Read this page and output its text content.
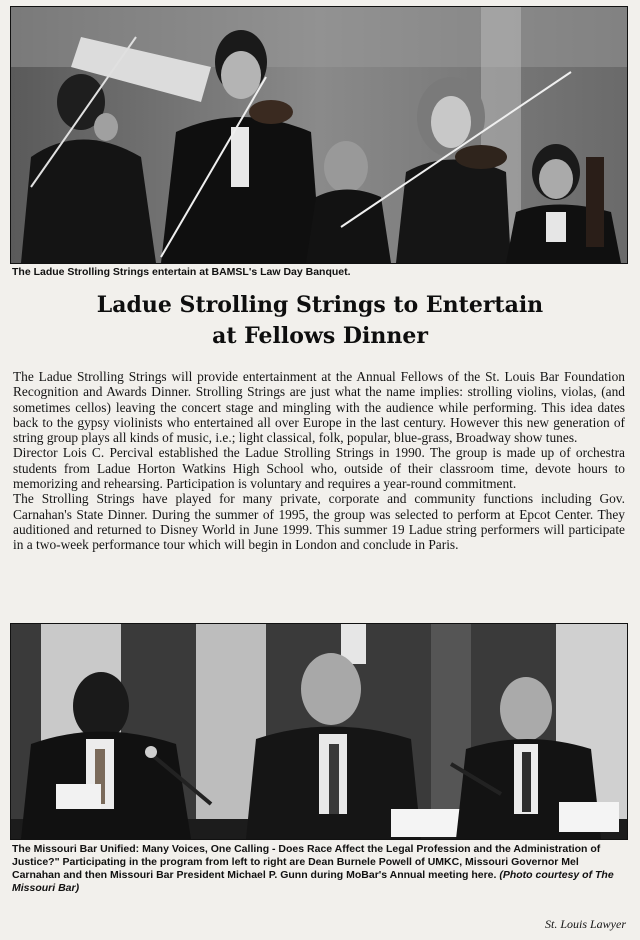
The Ladue Strolling Strings entertain at BAMSL's Law Day Banquet.
Ladue Strolling Strings to Entertain
at Fellows Dinner

The Ladue Strolling Strings will provide entertainment at the Annual Fellows of the St. Louis Bar Foundation Recognition and Awards Dinner. Strolling Strings are just what the name implies: strolling violins, violas, (and sometimes cellos) leaving the concert stage and mingling with the audience while performing. This idea dates back to the gypsy violinists who entertained all over Europe in the last century. However this new generation of string group plays all kinds of music, i.e.; light classical, folk, popular, blue-grass, Broadway show tunes.

Director Lois C. Percival established the Ladue Strolling Strings in 1990. The group is made up of orchestra students from Ladue Horton Watkins High School who, outside of their classroom time, devote hours to memorizing and rehearsing. Participation is voluntary and requires a year-round commitment.

The Strolling Strings have played for many private, corporate and community functions including Gov. Carnahan's State Dinner. During the summer of 1995, the group was selected to perform at Epcot Center. They auditioned and returned to Disney World in June 1999. This summer 19 Ladue string performers will participate in a two-week performance tour which will begin in London and conclude in Paris.

The Missouri Bar Unified: Many Voices, One Calling - Does Race Affect the Legal Profession and the Administration of Justice?" Participating in the program from left to right are Dean Burnele Powell of UMKC, Missouri Governor Mel Carnahan and then Missouri Bar President Michael P. Gunn during MoBar's Annual meeting here. (Photo courtesy of The Missouri Bar)
St. Louis Lawyer
